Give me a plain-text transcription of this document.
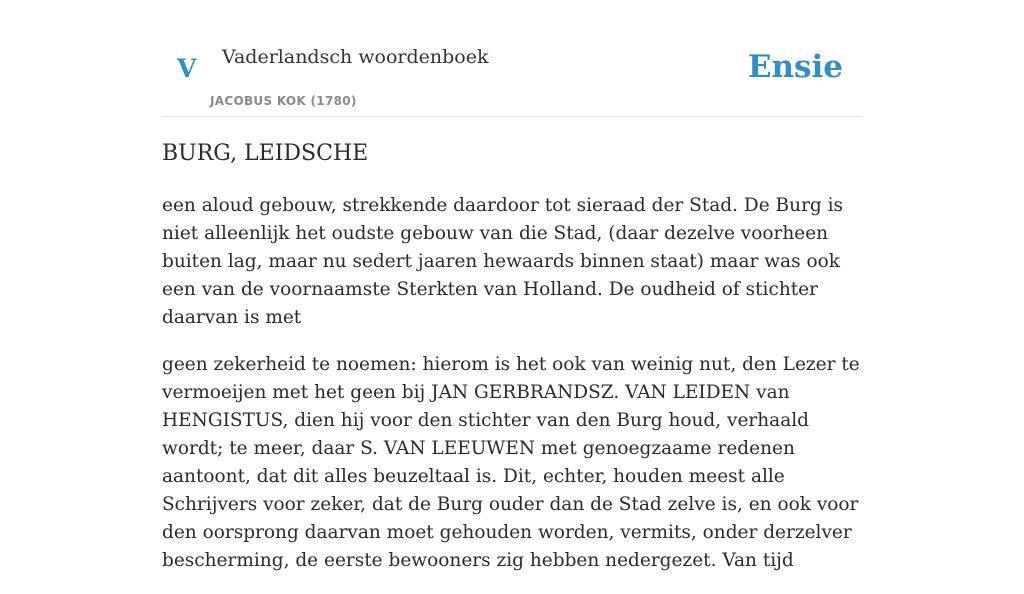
V Vaderlandsch woordenboek
JACOBUS KOK (1780)
Ensie
BURG, LEIDSCHE

een aloud gebouw, strekkende daardoor tot sieraad der Stad. De Burg is niet alleenlijk het oudste gebouw van die Stad, (daar dezelve voorheen buiten lag, maar nu sedert jaaren hewaards binnen staat) maar was ook een van de voornaamste Sterkten van Holland. De oudheid of stichter daarvan is met

geen zekerheid te noemen: hierom is het ook van weinig nut, den Lezer te vermoeijen met het geen bij JAN GERBRANDSZ. VAN LEIDEN van HENGISTUS, dien hij voor den stichter van den Burg houd, verhaald wordt; te meer, daar S. VAN LEEUWEN met genoegzaame redenen aantoont, dat dit alles beuzeltaal is. Dit, echter, houden meest alle Schrijvers voor zeker, dat de Burg ouder dan de Stad zelve is, en ook voor den oorsprong daarvan moet gehouden worden, vermits, onder derzelver bescherming, de eerste bewooners zig hebben nedergezet. Van tijd
